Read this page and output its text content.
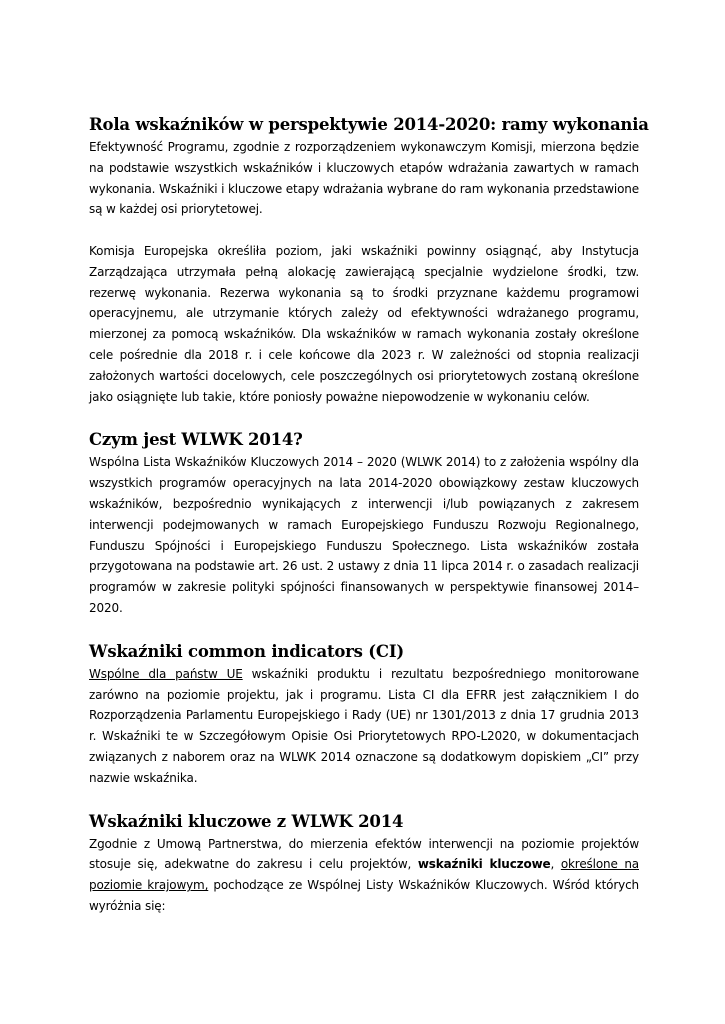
Rola wskaźników w perspektywie 2014-2020: ramy wykonania

Efektywność Programu, zgodnie z rozporządzeniem wykonawczym Komisji, mierzona będzie na podstawie wszystkich wskaźników i kluczowych etapów wdrażania zawartych w ramach wykonania. Wskaźniki i kluczowe etapy wdrażania wybrane do ram wykonania przedstawione są w każdej osi priorytetowej.

Komisja Europejska określiła poziom, jaki wskaźniki powinny osiągnąć, aby Instytucja Zarządzająca utrzymała pełną alokację zawierającą specjalnie wydzielone środki, tzw. rezerwę wykonania. Rezerwa wykonania są to środki przyznane każdemu programowi operacyjnemu, ale utrzymanie których zależy od efektywności wdrażanego programu, mierzonej za pomocą wskaźników. Dla wskaźników w ramach wykonania zostały określone cele pośrednie dla 2018 r. i cele końcowe dla 2023 r. W zależności od stopnia realizacji założonych wartości docelowych, cele poszczególnych osi priorytetowych zostaną określone jako osiągnięte lub takie, które poniosły poważne niepowodzenie w wykonaniu celów.

Czym jest WLWK 2014?

Wspólna Lista Wskaźników Kluczowych 2014 – 2020 (WLWK 2014) to z założenia wspólny dla wszystkich programów operacyjnych na lata 2014-2020 obowiązkowy zestaw kluczowych wskaźników, bezpośrednio wynikających z interwencji i/lub powiązanych z zakresem interwencji podejmowanych w ramach Europejskiego Funduszu Rozwoju Regionalnego, Funduszu Spójności i Europejskiego Funduszu Społecznego. Lista wskaźników została przygotowana na podstawie art. 26 ust. 2 ustawy z dnia 11 lipca 2014 r. o zasadach realizacji programów w zakresie polityki spójności finansowanych w perspektywie finansowej 2014–2020.

Wskaźniki common indicators (CI)

Wspólne dla państw UE wskaźniki produktu i rezultatu bezpośredniego monitorowane zarówno na poziomie projektu, jak i programu. Lista CI dla EFRR jest załącznikiem I do Rozporządzenia Parlamentu Europejskiego i Rady (UE) nr 1301/2013 z dnia 17 grudnia 2013 r. Wskaźniki te w Szczegółowym Opisie Osi Priorytetowych RPO-L2020, w dokumentacjach związanych z naborem oraz na WLWK 2014 oznaczone są dodatkowym dopiskiem „CI” przy nazwie wskaźnika.

Wskaźniki kluczowe z WLWK 2014

Zgodnie z Umową Partnerstwa, do mierzenia efektów interwencji na poziomie projektów stosuje się, adekwatne do zakresu i celu projektów, wskaźniki kluczowe, określone na poziomie krajowym, pochodzące ze Wspólnej Listy Wskaźników Kluczowych. Wśród których wyróżnia się:
